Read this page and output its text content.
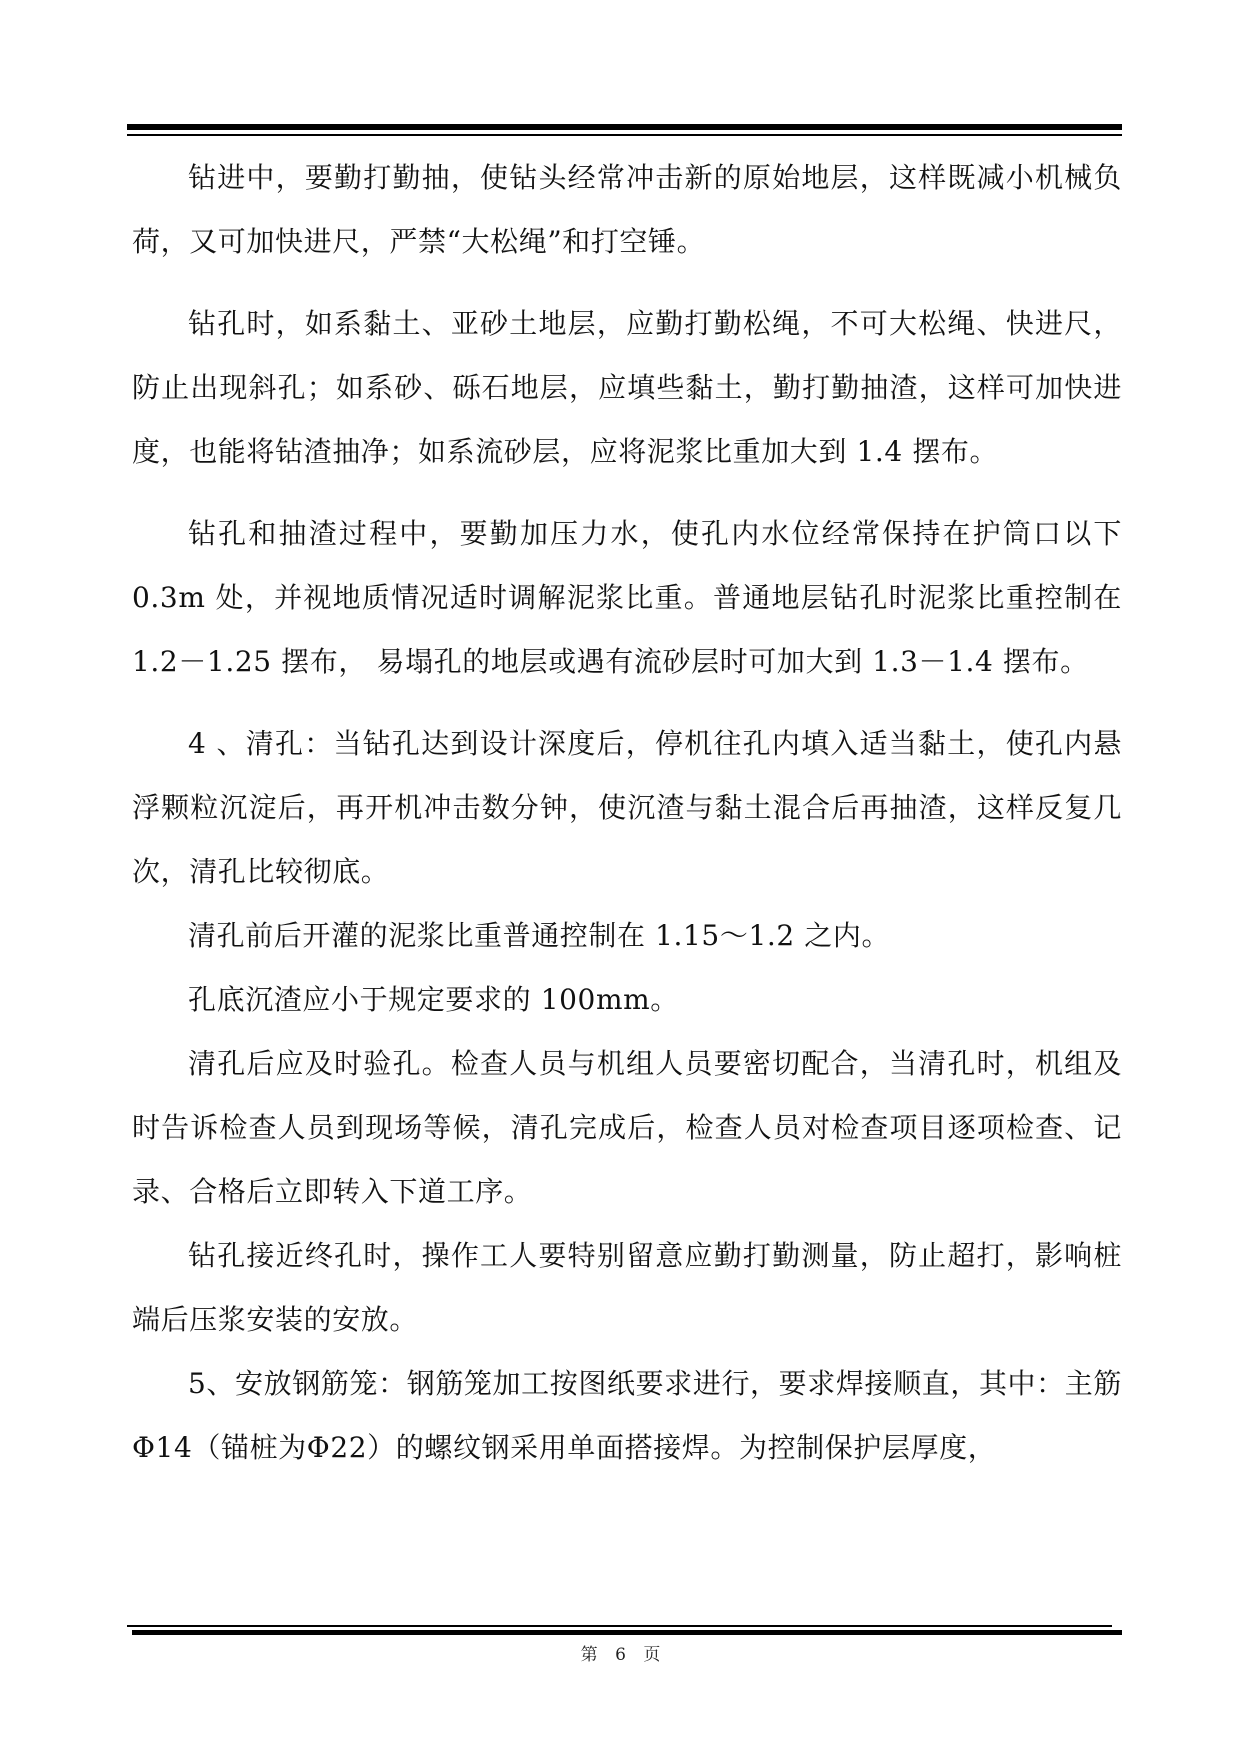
钻进中，要勤打勤抽，使钻头经常冲击新的原始地层，这样既减小机械负荷，又可加快进尺，严禁“大松绳”和打空锤。

钻孔时，如系黏土、亚砂土地层，应勤打勤松绳，不可大松绳、快进尺，防止出现斜孔；如系砂、砾石地层，应填些黏土，勤打勤抽渣，这样可加快进度，也能将钻渣抽净；如系流砂层，应将泥浆比重加大到 1.4 摆布。

钻孔和抽渣过程中，要勤加压力水，使孔内水位经常保持在护筒口以下 0.3m 处，并视地质情况适时调解泥浆比重。普通地层钻孔时泥浆比重控制在 1.2－1.25 摆布， 易塌孔的地层或遇有流砂层时可加大到 1.3－1.4 摆布。

4 、清孔：当钻孔达到设计深度后，停机往孔内填入适当黏土，使孔内悬浮颗粒沉淀后，再开机冲击数分钟，使沉渣与黏土混合后再抽渣，这样反复几次，清孔比较彻底。

清孔前后开灌的泥浆比重普通控制在 1.15～1.2 之内。

孔底沉渣应小于规定要求的 100mm。

清孔后应及时验孔。检查人员与机组人员要密切配合，当清孔时，机组及时告诉检查人员到现场等候，清孔完成后，检查人员对检查项目逐项检查、记录、合格后立即转入下道工序。

钻孔接近终孔时，操作工人要特别留意应勤打勤测量，防止超打，影响桩端后压浆安装的安放。

5、安放钢筋笼：钢筋笼加工按图纸要求进行，要求焊接顺直，其中：主筋Φ14（锚桩为Φ22）的螺纹钢采用单面搭接焊。为控制保护层厚度，

第 6 页
